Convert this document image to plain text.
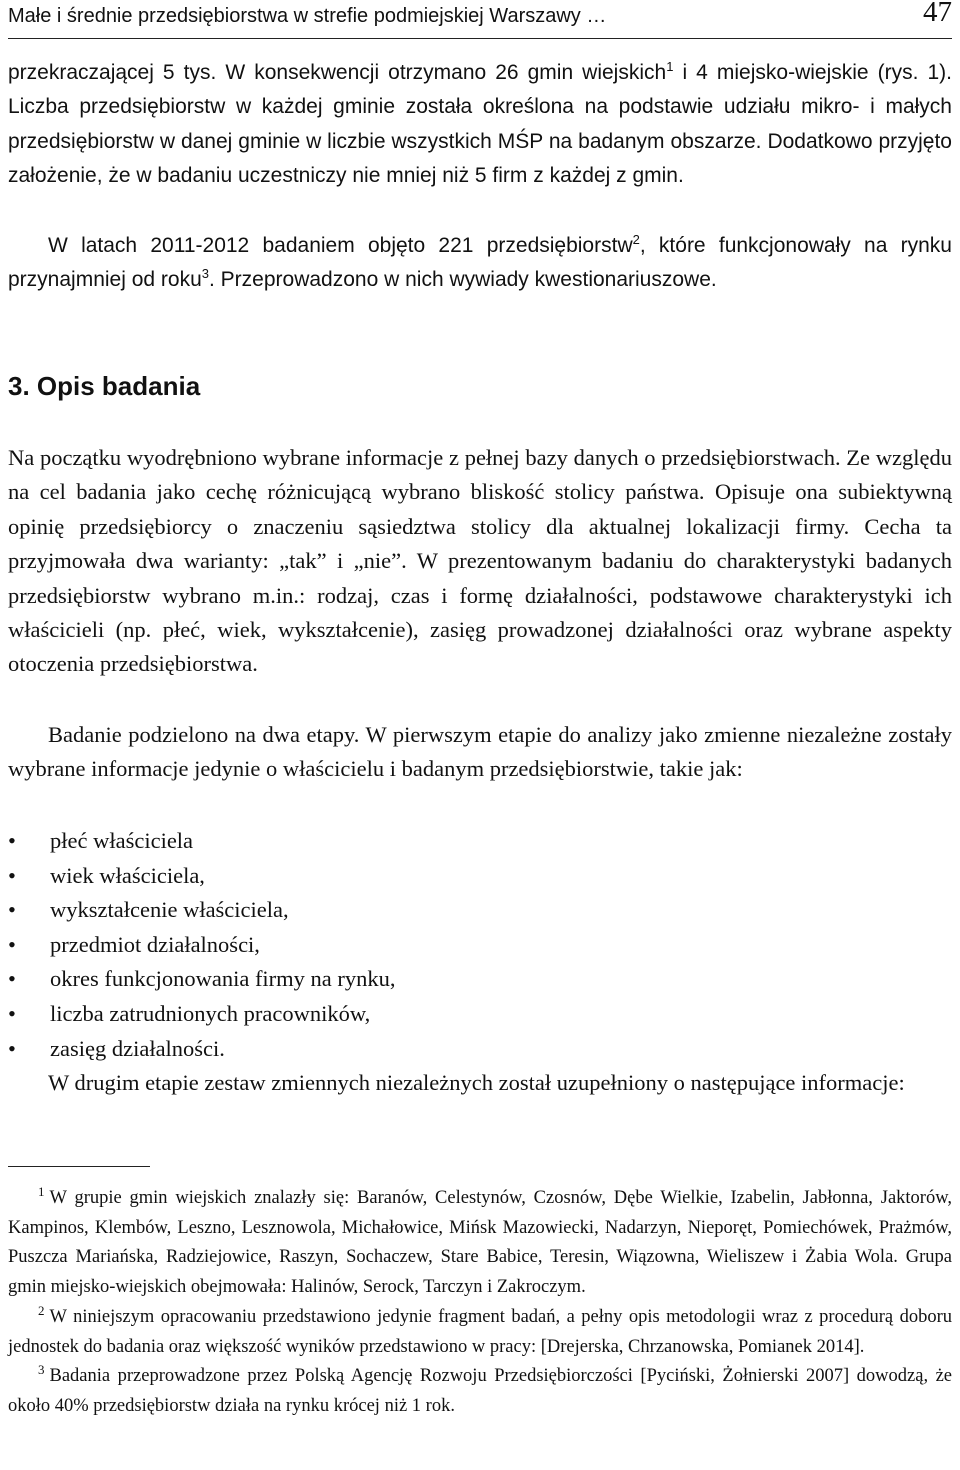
Małe i średnie przedsiębiorstwa w strefie podmiejskiej Warszawy …	47

przekraczającej 5 tys. W konsekwencji otrzymano 26 gmin wiejskich$^1$ i 4 miejsko-wiejskie (rys. 1). Liczba przedsiębiorstw w każdej gminie została określona na podstawie udziału mikro- i małych przedsiębiorstw w danej gminie w liczbie wszystkich MŚP na badanym obszarze. Dodatkowo przyjęto założenie, że w badaniu uczestniczy nie mniej niż 5 firm z każdej z gmin.

W latach 2011-2012 badaniem objęto 221 przedsiębiorstw$^2$, które funkcjonowały na rynku przynajmniej od roku$^3$. Przeprowadzono w nich wywiady kwestionariuszowe.

3. Opis badania

Na początku wyodrębniono wybrane informacje z pełnej bazy danych o przedsiębiorstwach. Ze względu na cel badania jako cechę różnicującą wybrano bliskość stolicy państwa. Opisuje ona subiektywną opinię przedsiębiorcy o znaczeniu sąsiedztwa stolicy dla aktualnej lokalizacji firmy. Cecha ta przyjmowała dwa warianty: „tak” i „nie”. W prezentowanym badaniu do charakterystyki badanych przedsiębiorstw wybrano m.in.: rodzaj, czas i formę działalności, podstawowe charakterystyki ich właścicieli (np. płeć, wiek, wykształcenie), zasięg prowadzonej działalności oraz wybrane aspekty otoczenia przedsiębiorstwa.

Badanie podzielono na dwa etapy. W pierwszym etapie do analizy jako zmienne niezależne zostały wybrane informacje jedynie o właścicielu i badanym przedsiębiorstwie, takie jak:

• płeć właściciela
• wiek właściciela,
• wykształcenie właściciela,
• przedmiot działalności,
• okres funkcjonowania firmy na rynku,
• liczba zatrudnionych pracowników,
• zasięg działalności.

W drugim etapie zestaw zmiennych niezależnych został uzupełniony o następujące informacje:

$^1$ W grupie gmin wiejskich znalazły się: Baranów, Celestynów, Czosnów, Dębe Wielkie, Izabelin, Jabłonna, Jaktorów, Kampinos, Klembów, Leszno, Lesznowola, Michałowice, Mińsk Mazowiecki, Nadarzyn, Nieporęt, Pomiechówek, Prażmów, Puszcza Mariańska, Radziejowice, Raszyn, Sochaczew, Stare Babice, Teresin, Wiązowna, Wieliszew i Żabia Wola. Grupa gmin miejsko-wiejskich obejmowała: Halinów, Serock, Tarczyn i Zakroczym.

$^2$ W niniejszym opracowaniu przedstawiono jedynie fragment badań, a pełny opis metodologii wraz z procedurą doboru jednostek do badania oraz większość wyników przedstawiono w pracy: [Drejerska, Chrzanowska, Pomianek 2014].

$^3$ Badania przeprowadzone przez Polską Agencję Rozwoju Przedsiębiorczości [Pyciński, Żołnierski 2007] dowodzą, że około 40% przedsiębiorstw działa na rynku krócej niż 1 rok.
